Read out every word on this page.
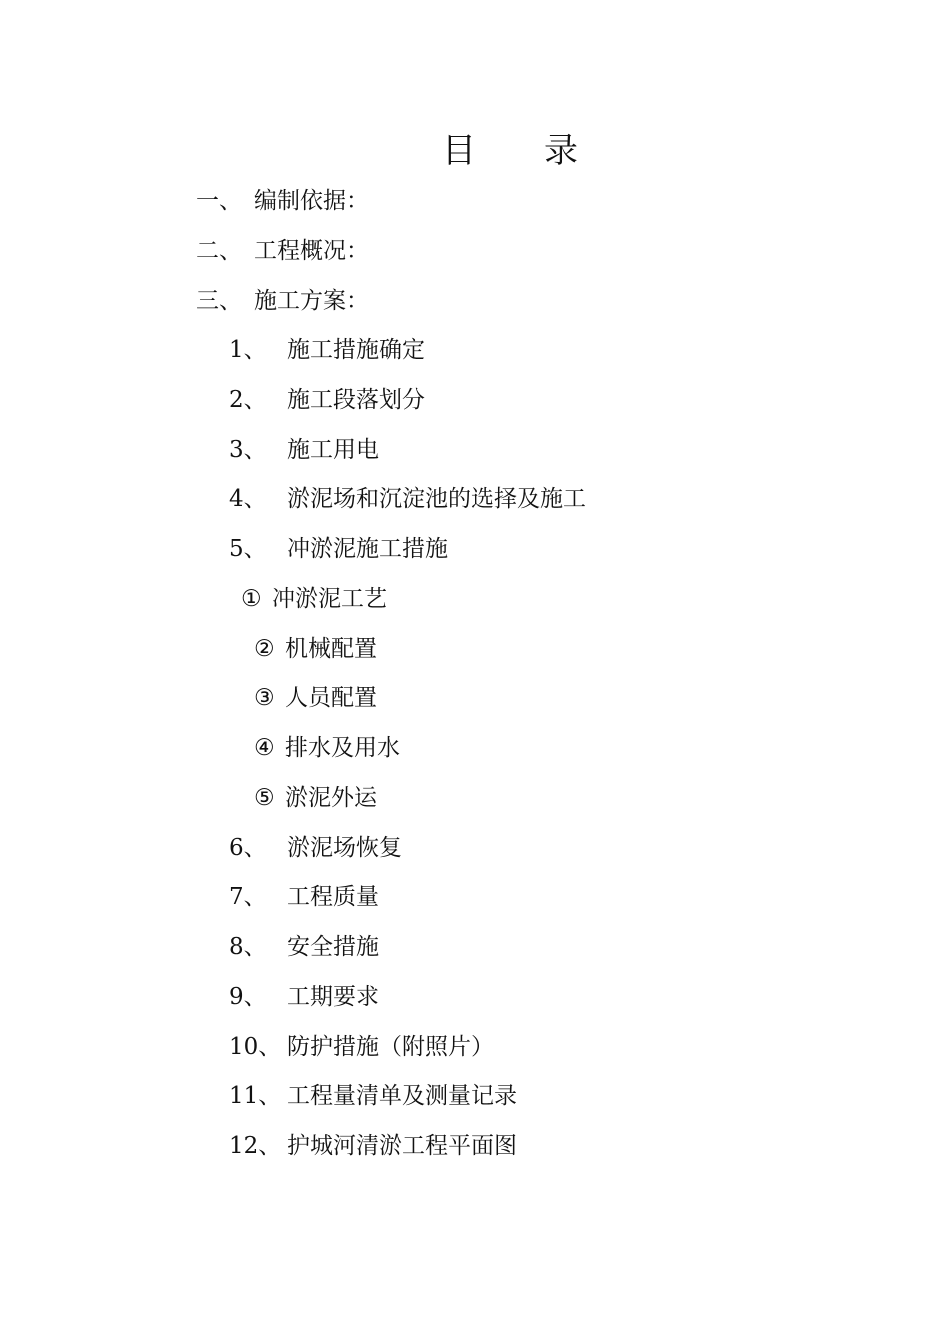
目 录
一、 编制依据：
二、 工程概况：
三、 施工方案：
1、 施工措施确定
2、 施工段落划分
3、 施工用电
4、 淤泥场和沉淀池的选择及施工
5、 冲淤泥施工措施
① 冲淤泥工艺
② 机械配置
③ 人员配置
④ 排水及用水
⑤ 淤泥外运
6、 淤泥场恢复
7、 工程质量
8、 安全措施
9、 工期要求
10、 防护措施（附照片）
11、 工程量清单及测量记录
12、 护城河清淤工程平面图
